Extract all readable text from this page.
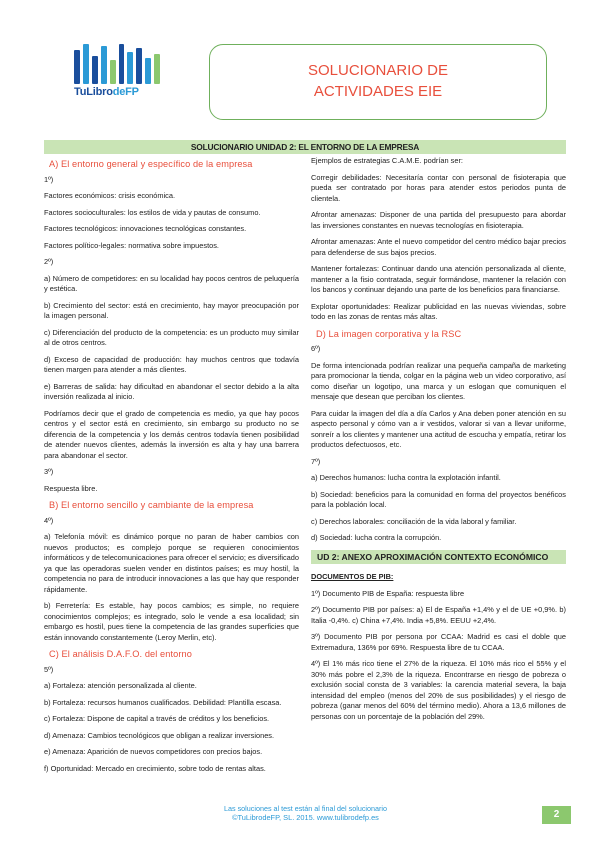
TuLibrodeFP
SOLUCIONARIO DE
ACTIVIDADES EIE
SOLUCIONARIO UNIDAD 2: EL ENTORNO DE LA EMPRESA
A) El entorno general y específico de la empresa

1º)

Factores económicos: crisis económica.

Factores socioculturales: los estilos de vida y pautas de consumo.

Factores tecnológicos: innovaciones tecnológicas constantes.

Factores político-legales: normativa sobre impuestos.

2º)

a) Número de competidores: en su localidad hay pocos centros de peluquería y estética.

b) Crecimiento del sector: está en crecimiento, hay mayor preocupación por la imagen personal.

c) Diferenciación del producto de la competencia: es un producto muy similar al de otros centros.

d) Exceso de capacidad de producción: hay muchos centros que todavía tienen margen para atender a más clientes.

e) Barreras de salida: hay dificultad en abandonar el sector debido a la alta inversión realizada al inicio.

Podríamos decir que el grado de competencia es medio, ya que hay pocos centros y el sector está en crecimiento, sin embargo su producto no se diferencia de la competencia y los demás centros todavía tienen posibilidad de atender nuevos clientes, además la inversión es alta y hay una barrera para abandonar el sector.

3º)

Respuesta libre.

B) El entorno sencillo y cambiante de la empresa

4º)

a) Telefonía móvil: es dinámico porque no paran de haber cambios con nuevos productos; es complejo porque se requieren conocimientos informáticos y de telecomunicaciones para ofrecer el servicio; es diversificado ya que las operadoras suelen vender en distintos países; es muy hostil, la competencia no para de introducir innovaciones a las que hay que responder rápidamente.

b) Ferretería: Es estable, hay pocos cambios; es simple, no requiere conocimientos complejos; es integrado, solo le vende a esa localidad; sin embargo es hostil, pues tiene la competencia de las grandes superficies que están innovando constantemente (Leroy Merlin, etc).

C) El análisis D.A.F.O. del entorno

5º)

a) Fortaleza: atención personalizada al cliente.

b) Fortaleza: recursos humanos cualificados. Debilidad: Plantilla escasa.

c) Fortaleza: Dispone de capital a través de créditos y los beneficios.

d) Amenaza: Cambios tecnológicos que obligan a realizar inversiones.

e) Amenaza: Aparición de nuevos competidores con precios bajos.

f) Oportunidad: Mercado en crecimiento, sobre todo de rentas altas.

Ejemplos de estrategias C.A.M.E. podrían ser:

Corregir debilidades: Necesitaría contar con personal de fisioterapia que pueda ser contratado por horas para atender estos periodos punta de clientela.

Afrontar amenazas: Disponer de una partida del presupuesto para abordar las inversiones constantes en nuevas tecnologías en fisioterapia.

Afrontar amenazas: Ante el nuevo competidor del centro médico bajar precios para defenderse de sus bajos precios.

Mantener fortalezas: Continuar dando una atención personalizada al cliente, mantener a la fisio contratada, seguir formándose, mantener la relación con los bancos y continuar dejando una parte de los beneficios para financiarse.

Explotar oportunidades: Realizar publicidad en las nuevas viviendas, sobre todo en las zonas de rentas más altas.

D) La imagen corporativa y la RSC

6º)

De forma intencionada podrían realizar una pequeña campaña de marketing para promocionar la tienda, colgar en la página web un video corporativo, así como diseñar un logotipo, una marca y un eslogan que comuniquen el mensaje que desean que perciban los clientes.

Para cuidar la imagen del día a día Carlos y Ana deben poner atención en su aspecto personal y cómo van a ir vestidos, valorar si van a llevar uniforme, sonreír a los clientes y mantener una actitud de escucha y empatía, retirar los productos defectuosos, etc.

7º)

a) Derechos humanos: lucha contra la explotación infantil.

b) Sociedad: beneficios para la comunidad en forma del proyectos benéficos para la población local.

c) Derechos laborales: conciliación de la vida laboral y familiar.

d) Sociedad: lucha contra la corrupción.

UD 2: ANEXO APROXIMACIÓN CONTEXTO ECONÓMICO

DOCUMENTOS DE PIB:

1º) Documento PIB de España: respuesta libre

2º) Documento PIB por países: a) El de España +1,4% y el de UE +0,9%. b) Italia -0,4%. c) China +7,4%. India +5,8%. EEUU +2,4%.

3º) Documento PIB por persona por CCAA: Madrid es casi el doble que Extremadura, 136% por 69%. Respuesta libre de tu CCAA.

4º) El 1% más rico tiene el 27% de la riqueza. El 10% más rico el 55% y el 30% más pobre el 2,3% de la riqueza. Encontrarse en riesgo de pobreza o exclusión social consta de 3 variables: la carencia material severa, la baja intensidad del empleo (menos del 20% de sus posibilidades) y el riesgo de pobreza (ganar menos del 60% del término medio). Ahora a 13,6 millones de personas con un porcentaje de la población del 29%.

Las soluciones al test están al final del solucionario
©TuLibrodeFP, SL. 2015. www.tulibrodefp.es	2
